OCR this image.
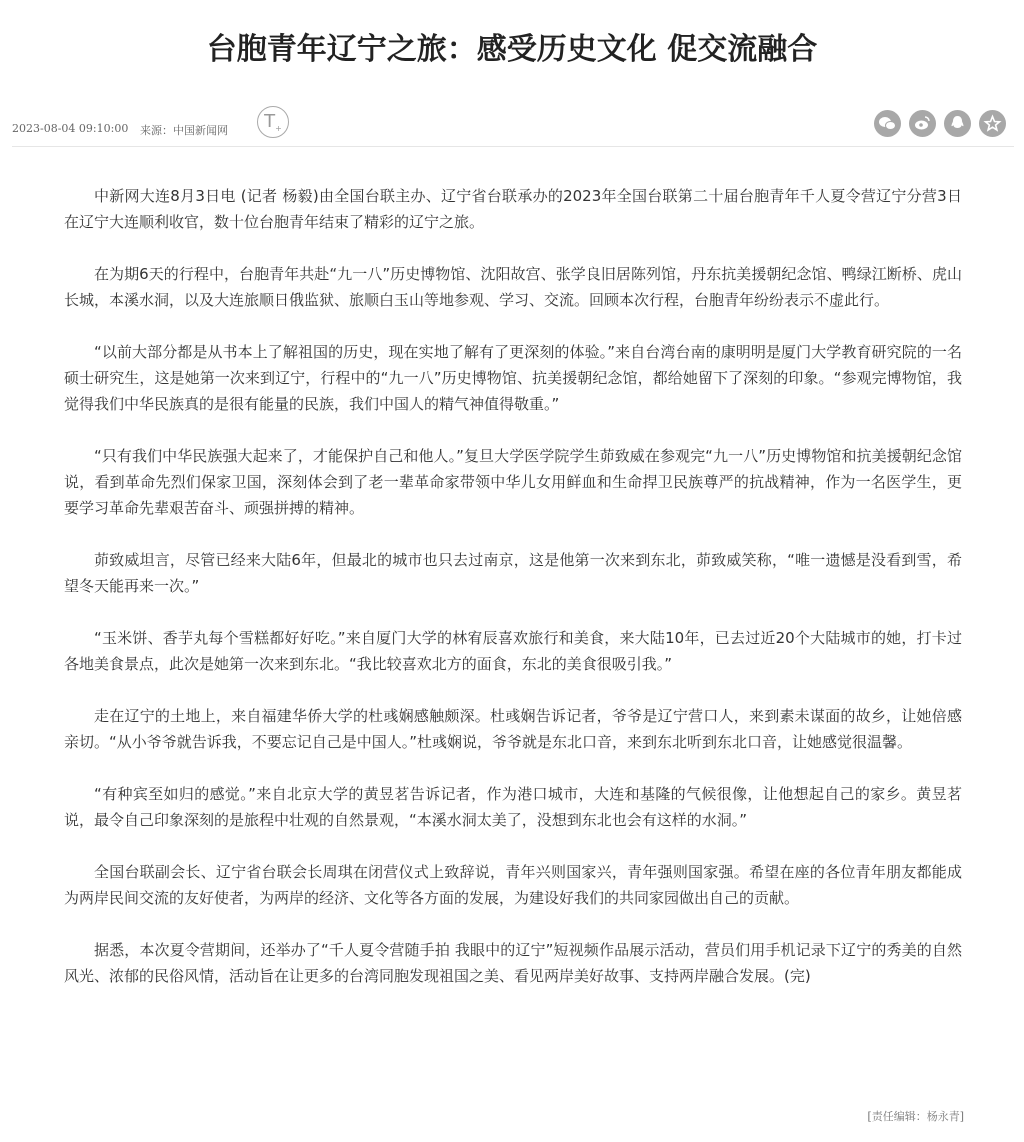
台胞青年辽宁之旅：感受历史文化 促交流融合
2023-08-04 09:10:00 来源：中国新闻网	$T_+$

中新网大连8月3日电 (记者 杨毅)由全国台联主办、辽宁省台联承办的2023年全国台联第二十届台胞青年千人夏令营辽宁分营3日在辽宁大连顺利收官，数十位台胞青年结束了精彩的辽宁之旅。

在为期6天的行程中，台胞青年共赴“九一八”历史博物馆、沈阳故宫、张学良旧居陈列馆，丹东抗美援朝纪念馆、鸭绿江断桥、虎山长城，本溪水洞，以及大连旅顺日俄监狱、旅顺白玉山等地参观、学习、交流。回顾本次行程，台胞青年纷纷表示不虚此行。

“以前大部分都是从书本上了解祖国的历史，现在实地了解有了更深刻的体验。”来自台湾台南的康明明是厦门大学教育研究院的一名硕士研究生，这是她第一次来到辽宁，行程中的“九一八”历史博物馆、抗美援朝纪念馆，都给她留下了深刻的印象。“参观完博物馆，我觉得我们中华民族真的是很有能量的民族，我们中国人的精气神值得敬重。”

“只有我们中华民族强大起来了，才能保护自己和他人。”复旦大学医学院学生茆致威在参观完“九一八”历史博物馆和抗美援朝纪念馆说，看到革命先烈们保家卫国，深刻体会到了老一辈革命家带领中华儿女用鲜血和生命捍卫民族尊严的抗战精神，作为一名医学生，更要学习革命先辈艰苦奋斗、顽强拼搏的精神。

茆致威坦言，尽管已经来大陆6年，但最北的城市也只去过南京，这是他第一次来到东北，茆致威笑称，“唯一遗憾是没看到雪，希望冬天能再来一次。”

“玉米饼、香芋丸每个雪糕都好好吃。”来自厦门大学的林宥辰喜欢旅行和美食，来大陆10年，已去过近20个大陆城市的她，打卡过各地美食景点，此次是她第一次来到东北。“我比较喜欢北方的面食，东北的美食很吸引我。”

走在辽宁的土地上，来自福建华侨大学的杜彧娴感触颇深。杜彧娴告诉记者，爷爷是辽宁营口人，来到素未谋面的故乡，让她倍感亲切。“从小爷爷就告诉我，不要忘记自己是中国人。”杜彧娴说，爷爷就是东北口音，来到东北听到东北口音，让她感觉很温馨。

“有种宾至如归的感觉。”来自北京大学的黄昱茗告诉记者，作为港口城市，大连和基隆的气候很像，让他想起自己的家乡。黄昱茗说，最令自己印象深刻的是旅程中壮观的自然景观，“本溪水洞太美了，没想到东北也会有这样的水洞。”

全国台联副会长、辽宁省台联会长周琪在闭营仪式上致辞说，青年兴则国家兴，青年强则国家强。希望在座的各位青年朋友都能成为两岸民间交流的友好使者，为两岸的经济、文化等各方面的发展，为建设好我们的共同家园做出自己的贡献。

据悉，本次夏令营期间，还举办了“千人夏令营随手拍 我眼中的辽宁”短视频作品展示活动，营员们用手机记录下辽宁的秀美的自然风光、浓郁的民俗风情，活动旨在让更多的台湾同胞发现祖国之美、看见两岸美好故事、支持两岸融合发展。(完)

[责任编辑：杨永青]
